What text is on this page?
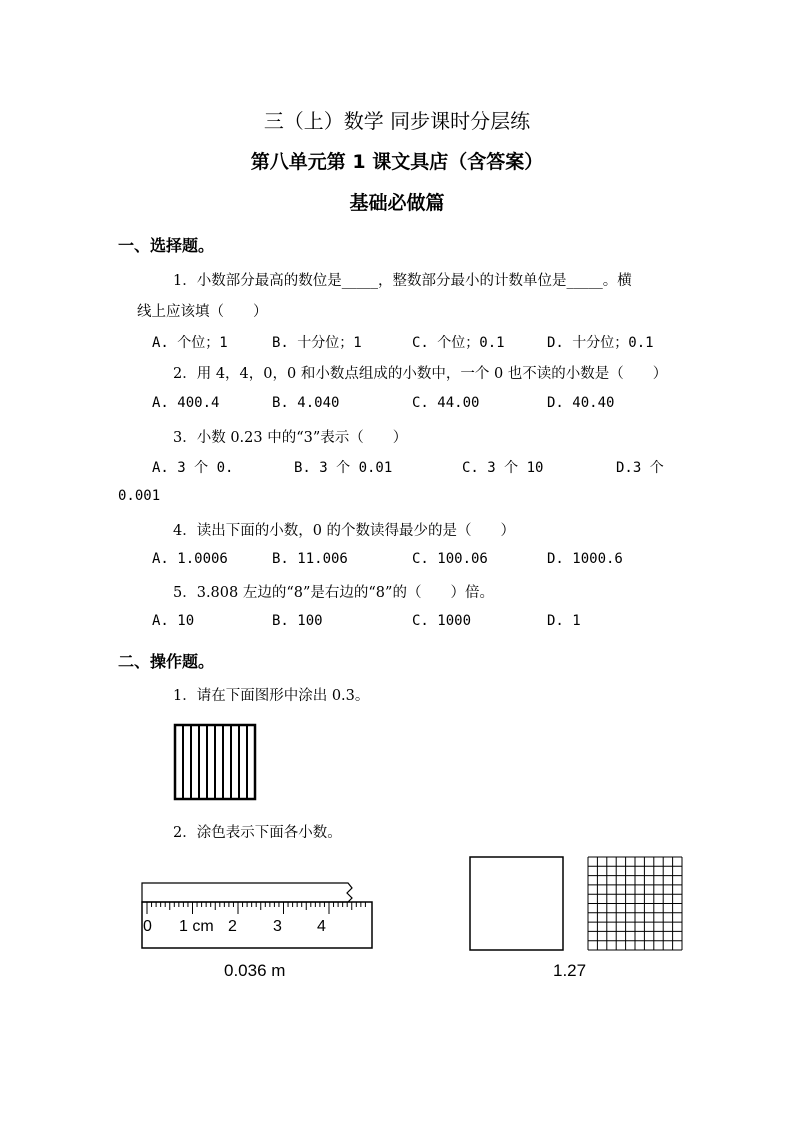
三（上）数学 同步课时分层练
第八单元第 1 课文具店（含答案）
基础必做篇
一、选择题。
1．小数部分最高的数位是_____，整数部分最小的计数单位是_____。横
线上应该填（　　）
A. 个位；1	B. 十分位；1	C. 个位；0.1	D. 十分位；0.1
2．用 4，4，0，0 和小数点组成的小数中，一个 0 也不读的小数是（　　）
A. 400.4	B. 4.040	C. 44.00	D. 40.40
3．小数 0.23 中的“3”表示（　　）
A. 3 个 0.	B. 3 个 0.01	C. 3 个 10	D.3 个
0.001
4．读出下面的小数，0 的个数读得最少的是（　　）
A. 1.0006	B. 11.006	C. 100.06	D. 1000.6
5．3.808 左边的“8”是右边的“8”的（　　）倍。
A. 10	B. 100	C. 1000	D. 1
二、操作题。
1．请在下面图形中涂出 0.3。
2．涂色表示下面各小数。
0 1 cm 2 3 4
0.036 m	1.27
